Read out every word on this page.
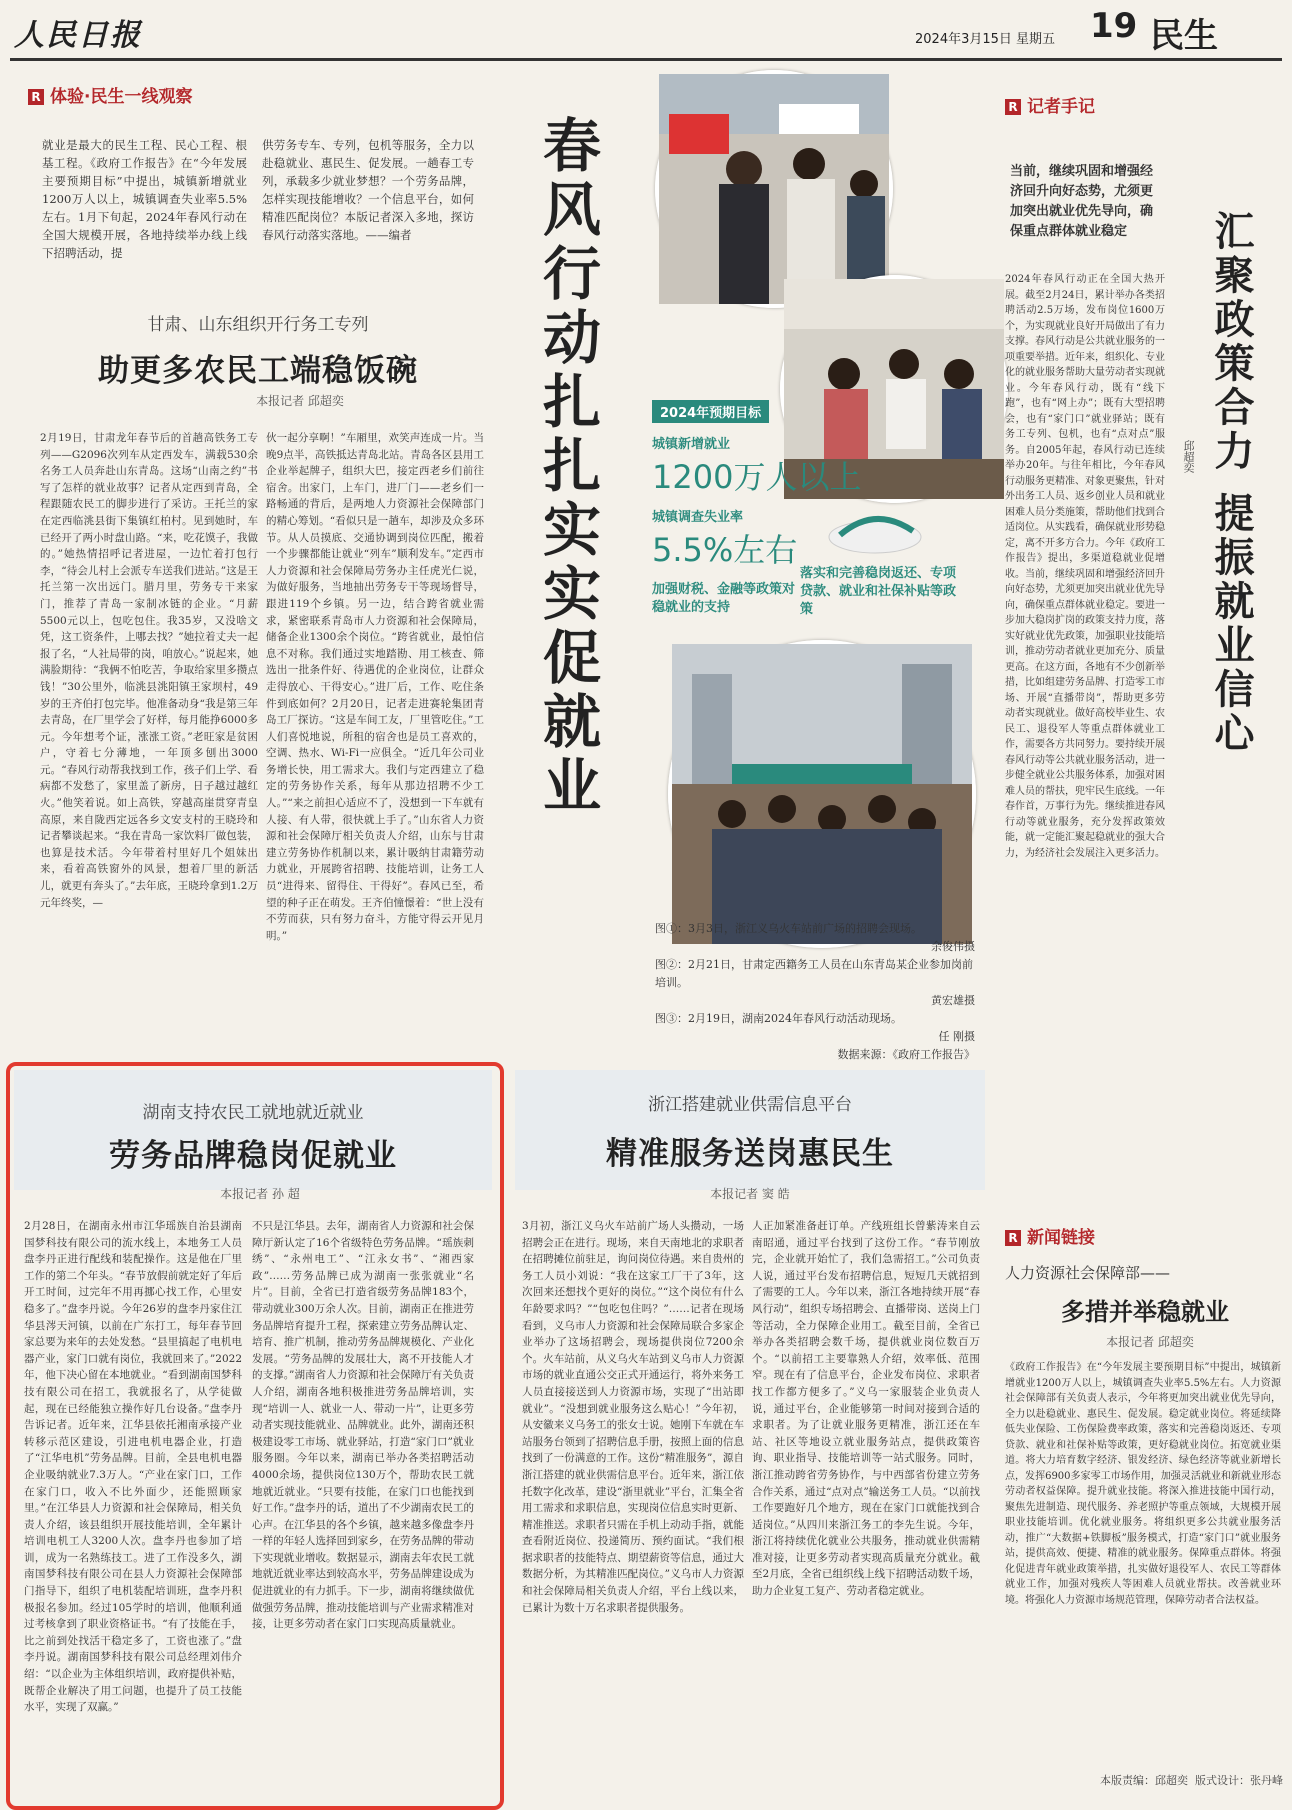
人民日报	2024年3月15日 星期五 19 民生
R 体验·民生一线观察
就业是最大的民生工程、民心工程、根基工程。《政府工作报告》在“今年发展主要预期目标”中提出，城镇新增就业1200万人以上，城镇调查失业率5.5%左右。1月下旬起，2024年春风行动在全国大规模开展，各地持续举办线上线下招聘活动，提
供劳务专车、专列，包机等服务，全力以赴稳就业、惠民生、促发展。一趟春工专列，承载多少就业梦想？一个劳务品牌，怎样实现技能增收？一个信息平台，如何精准匹配岗位？本版记者深入多地，探访春风行动落实落地。——编者
甘肃、山东组织开行务工专列
助更多农民工端稳饭碗
本报记者 邱超奕
2月19日，甘肃龙年春节后的首趟高铁务工专列——G2096次列车从定西发车，满载530余名务工人员奔赴山东青岛。这场“山南之约”书写了怎样的就业故事？记者从定西到青岛，全程跟随农民工的脚步进行了采访。王托兰的家在定西临洮县街下集镇红柏村。见到她时，车已经开了两小时盘山路。“来，吃花馍子，我做的。”她热情招呼记者进屋，一边忙着打包行李，“待会儿村上会派专车送我们进站。”这是王托兰第一次出远门。腊月里，劳务专干来家门，推荐了青岛一家制冰链的企业。“月薪5500元以上，包吃包住。我35岁，又没啥文凭，这工资条件，上哪去找？”她拉着丈夫一起报了名，“人社局带的岗，咱放心。”说起来，她满脸期待：“我俩不怕吃苦，争取给家里多攒点钱！”30公里外，临洮县洮阳镇王家坝村，49岁的王齐伯打包完毕。他准备动身“我是第三年去青岛，在厂里学会了好样，每月能挣6000多元。今年想考个证，涨涨工资。”老旺家是贫困户，守着七分薄地，一年顶多刨出3000元。“春风行动帮我找到工作，孩子们上学、看病都不发愁了，家里盖了新房，日子越过越红火。”他笑着说。如上高铁，穿越高崖贯穿青皇高原，来自陇西定远各乡文安支村的王晓玲和记者攀谈起来。“我在青岛一家饮料厂做包装，也算是技术活。今年带着村里好几个姐妹出来，看着高铁窗外的风景，想着厂里的新活儿，就更有奔头了。”去年底，王晓玲拿到1.2万元年终奖，—
伙一起分享啊！”车厢里，欢笑声连成一片。当晚9点半，高铁抵达青岛北站。青岛各区县用工企业举起牌子，组织大巴，接定西老乡们前往宿舍。出家门，上车门，进厂门——老乡们一路畅通的背后，是两地人力资源社会保障部门的精心筹划。“看似只是一趟车，却涉及众多环节。从人员摸底、交通协调到岗位匹配，搬着一个步骤都能让就业“列车”顺利发车。”定西市人力资源和社会保障局劳务办主任虎光仁说，为做好服务，当地抽出劳务专干等现场督导，跟进119个乡镇。另一边，结合跨省就业需求，紧密联系青岛市人力资源和社会保障局，储备企业1300余个岗位。“跨省就业，最怕信息不对称。我们通过实地踏勘、用工核查、筛选出一批条件好、待遇优的企业岗位，让群众走得放心、干得安心。”进厂后，工作、吃住条件到底如何？2月20日，记者走进赛轮集团青岛工厂探访。“这是车间工友，厂里管吃住。”工人们喜悦地说，所租的宿舍也是员工喜欢的，空调、热水、Wi-Fi一应俱全。“近几年公司业务增长快，用工需求大。我们与定西建立了稳定的劳务协作关系，每年从那边招聘不少工人。”“来之前担心适应不了，没想到一下车就有人接、有人带，很快就上手了。”山东省人力资源和社会保障厅相关负责人介绍，山东与甘肃建立劳务协作机制以来，累计吸纳甘肃籍劳动力就业，开展跨省招聘、技能培训，让务工人员“进得来、留得住、干得好”。春风已至，希望的种子正在萌发。王齐伯憧憬着：“世上没有不劳而获，只有努力奋斗，方能守得云开见月明。”
春风行动扎扎实实促就业	2024年预期目标
城镇新增就业
1200万人以上
城镇调查失业率
5.5%左右
加强财税、金融等政策对稳就业的支持
落实和完善稳岗返还、专项贷款、就业和社保补贴等政策
图①：3月3日，浙江义乌火车站前广场的招聘会现场。
余俊伟摄
图②：2月21日，甘肃定西籍务工人员在山东青岛某企业参加岗前培训。
黄宏雄摄
图③：2月19日，湖南2024年春风行动活动现场。
任 刚摄
数据来源：《政府工作报告》
R 记者手记
当前，继续巩固和增强经济回升向好态势，尤须更加突出就业优先导向，确保重点群体就业稳定	汇聚政策合力 提振就业信心
邱超奕
2024年春风行动正在全国大热开展。截至2月24日，累计举办各类招聘活动2.5万场，发布岗位1600万个，为实现就业良好开局做出了有力支撑。春风行动是公共就业服务的一项重要举措。近年来，组织化、专业化的就业服务帮助大量劳动者实现就业。今年春风行动，既有“线下跑”，也有“网上办”；既有大型招聘会，也有“家门口”就业驿站；既有务工专列、包机，也有“点对点”服务。自2005年起，春风行动已连续举办20年。与往年相比，今年春风行动服务更精准、对象更聚焦，针对外出务工人员、返乡创业人员和就业困难人员分类施策，帮助他们找到合适岗位。从实践看，确保就业形势稳定，离不开多方合力。今年《政府工作报告》提出，多渠道稳就业促增收。当前，继续巩固和增强经济回升向好态势，尤须更加突出就业优先导向，确保重点群体就业稳定。要进一步加大稳岗扩岗的政策支持力度，落实好就业优先政策，加强职业技能培训，推动劳动者就业更加充分、质量更高。在这方面，各地有不少创新举措，比如组建劳务品牌、打造零工市场、开展“直播带岗”，帮助更多劳动者实现就业。做好高校毕业生、农民工、退役军人等重点群体就业工作，需要各方共同努力。要持续开展春风行动等公共就业服务活动，进一步健全就业公共服务体系，加强对困难人员的帮扶，兜牢民生底线。一年春作首，万事行为先。继续推进春风行动等就业服务，充分发挥政策效能，就一定能汇聚起稳就业的强大合力，为经济社会发展注入更多活力。
湖南支持农民工就地就近就业
劳务品牌稳岗促就业
本报记者 孙 超
2月28日，在湖南永州市江华瑶族自治县湖南国梦科技有限公司的流水线上，本地务工人员盘李丹正进行配线和装配操作。这是他在厂里工作的第二个年头。“春节放假前就定好了年后开工时间，过完年不用再挪心找工作，心里安稳多了。”盘李丹说。今年26岁的盘李丹家住江华县涔天河镇，以前在广东打工，每年春节回家总要为来年的去处发愁。“县里搞起了电机电器产业，家门口就有岗位，我就回来了。”2022年，他下决心留在本地就业。“看到湖南国梦科技有限公司在招工，我就报名了，从学徒做起，现在已经能独立操作好几台设备。”盘李丹告诉记者。近年来，江华县依托湘南承接产业转移示范区建设，引进电机电器企业，打造了“江华电机”劳务品牌。目前，全县电机电器企业吸纳就业7.3万人。“产业在家门口，工作在家门口，收入不比外面少，还能照顾家里。”在江华县人力资源和社会保障局，相关负责人介绍，该县组织开展技能培训，全年累计培训电机工人3200人次。盘李丹也参加了培训，成为一名熟练技工。进了工作没多久，湖南国梦科技有限公司在县人力资源社会保障部门指导下，组织了电机装配培训班，盘李丹积极报名参加。经过105学时的培训，他顺利通过考核拿到了职业资格证书。“有了技能在手，比之前到处找活干稳定多了，工资也涨了。”盘李丹说。湖南国梦科技有限公司总经理刘伟介绍：“以企业为主体组织培训，政府提供补贴，既帮企业解决了用工问题，也提升了员工技能水平，实现了双赢。”
不只是江华县。去年，湖南省人力资源和社会保障厅新认定了16个省级特色劳务品牌。“瑶族刺绣”、“永州电工”、“江永女书”、“湘西家政”……劳务品牌已成为湖南一张张就业“名片”。目前，全省已打造省级劳务品牌183个，带动就业300万余人次。目前，湖南正在推进劳务品牌培育提升工程，探索建立劳务品牌认定、培育、推广机制，推动劳务品牌规模化、产业化发展。“劳务品牌的发展壮大，离不开技能人才的支撑。”湖南省人力资源和社会保障厅有关负责人介绍，湖南各地积极推进劳务品牌培训，实现“培训一人、就业一人、带动一片”，让更多劳动者实现技能就业、品牌就业。此外，湖南还积极建设零工市场、就业驿站，打造“家门口”就业服务圈。今年以来，湖南已举办各类招聘活动4000余场，提供岗位130万个，帮助农民工就地就近就业。“只要有技能，在家门口也能找到好工作。”盘李丹的话，道出了不少湖南农民工的心声。在江华县的各个乡镇，越来越多像盘李丹一样的年轻人选择回到家乡，在劳务品牌的带动下实现就业增收。数据显示，湖南去年农民工就地就近就业率达到较高水平，劳务品牌建设成为促进就业的有力抓手。下一步，湖南将继续做优做强劳务品牌，推动技能培训与产业需求精准对接，让更多劳动者在家门口实现高质量就业。
浙江搭建就业供需信息平台
精准服务送岗惠民生
本报记者 窦 皓
3月初，浙江义乌火车站前广场人头攒动，一场招聘会正在进行。现场，来自天南地北的求职者在招聘摊位前驻足，询问岗位待遇。来自贵州的务工人员小刘说：“我在这家工厂干了3年，这次回来还想找个更好的岗位。”“这个岗位有什么年龄要求吗？”“包吃包住吗？”……记者在现场看到，义乌市人力资源和社会保障局联合多家企业举办了这场招聘会，现场提供岗位7200余个。火车站前，从义乌火车站到义乌市人力资源市场的就业直通公交正式开通运行，将外来务工人员直接接送到人力资源市场，实现了“出站即就业”。“没想到就业服务这么贴心！”今年初，从安徽来义乌务工的张女士说。她刚下车就在车站服务台领到了招聘信息手册，按照上面的信息找到了一份满意的工作。这份“精准服务”，源自浙江搭建的就业供需信息平台。近年来，浙江依托数字化改革，建设“浙里就业”平台，汇集全省用工需求和求职信息，实现岗位信息实时更新、精准推送。求职者只需在手机上动动手指，就能查看附近岗位、投递简历、预约面试。“我们根据求职者的技能特点、期望薪资等信息，通过大数据分析，为其精准匹配岗位。”义乌市人力资源和社会保障局相关负责人介绍，平台上线以来，已累计为数十万名求职者提供服务。
人正加紧准备赶订单。产线班组长曾紫涛来自云南昭通，通过平台找到了这份工作。“春节刚放完，企业就开始忙了，我们急需招工。”公司负责人说，通过平台发布招聘信息，短短几天就招到了需要的工人。今年以来，浙江各地持续开展“春风行动”，组织专场招聘会、直播带岗、送岗上门等活动，全力保障企业用工。截至目前，全省已举办各类招聘会数千场，提供就业岗位数百万个。“以前招工主要靠熟人介绍，效率低、范围窄。现在有了信息平台，企业发布岗位、求职者找工作都方便多了。”义乌一家服装企业负责人说，通过平台，企业能够第一时间对接到合适的求职者。为了让就业服务更精准，浙江还在车站、社区等地设立就业服务站点，提供政策咨询、职业指导、技能培训等一站式服务。同时，浙江推动跨省劳务协作，与中西部省份建立劳务合作关系，通过“点对点”输送务工人员。“以前找工作要跑好几个地方，现在在家门口就能找到合适岗位。”从四川来浙江务工的李先生说。今年，浙江将持续优化就业公共服务，推动就业供需精准对接，让更多劳动者实现高质量充分就业。截至2月底，全省已组织线上线下招聘活动数千场，助力企业复工复产、劳动者稳定就业。
R 新闻链接
人力资源社会保障部——
多措并举稳就业
本报记者 邱超奕
《政府工作报告》在“今年发展主要预期目标”中提出，城镇新增就业1200万人以上，城镇调查失业率5.5%左右。人力资源社会保障部有关负责人表示，今年将更加突出就业优先导向，全力以赴稳就业、惠民生、促发展。稳定就业岗位。将延续降低失业保险、工伤保险费率政策，落实和完善稳岗返还、专项贷款、就业和社保补贴等政策，更好稳就业岗位。拓宽就业渠道。将大力培育数字经济、银发经济、绿色经济等就业新增长点，发挥6900多家零工市场作用，加强灵活就业和新就业形态劳动者权益保障。提升就业技能。将深入推进技能中国行动，聚焦先进制造、现代服务、养老照护等重点领域，大规模开展职业技能培训。优化就业服务。将组织更多公共就业服务活动，推广“大数据+铁脚板”服务模式，打造“家门口”就业服务站，提供高效、便捷、精准的就业服务。保障重点群体。将强化促进青年就业政策举措，扎实做好退役军人、农民工等群体就业工作，加强对残疾人等困难人员就业帮扶。改善就业环境。将强化人力资源市场规范管理，保障劳动者合法权益。
本版责编：邱超奕 版式设计：张丹峰
